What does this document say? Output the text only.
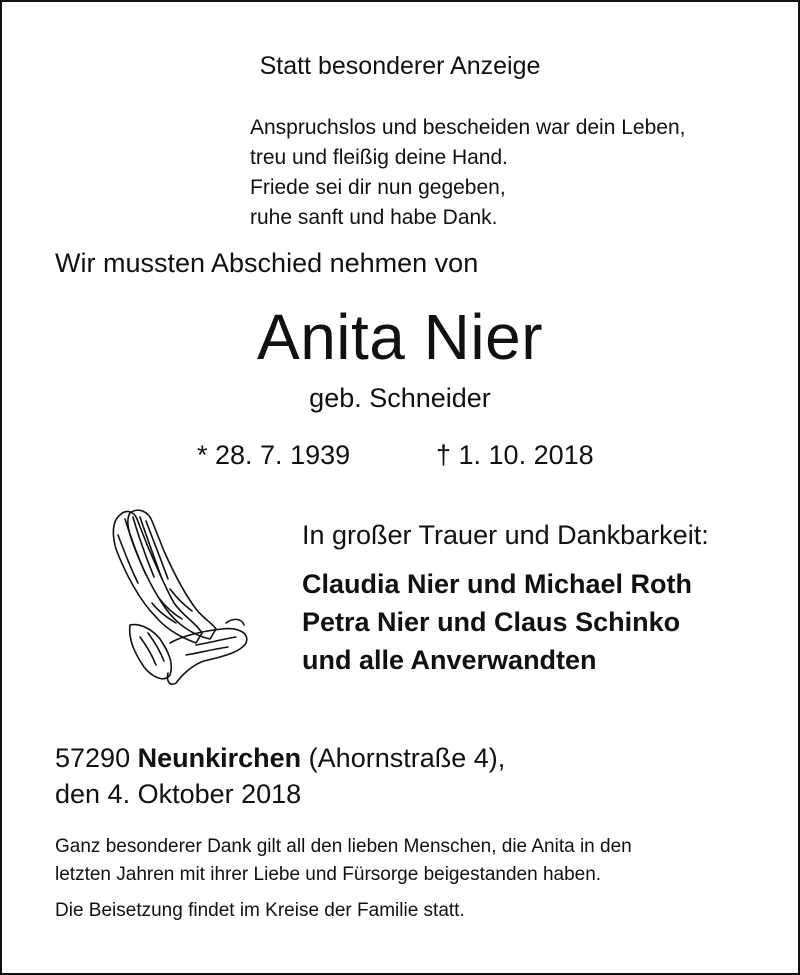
Statt besonderer Anzeige
Anspruchslos und bescheiden war dein Leben,
treu und fleißig deine Hand.
Friede sei dir nun gegeben,
ruhe sanft und habe Dank.
Wir mussten Abschied nehmen von
Anita Nier
geb. Schneider
* 28. 7. 1939	† 1. 10. 2018
In großer Trauer und Dankbarkeit:
Claudia Nier und Michael Roth
Petra Nier und Claus Schinko
und alle Anverwandten
57290 Neunkirchen (Ahornstraße 4),
den 4. Oktober 2018
Ganz besonderer Dank gilt all den lieben Menschen, die Anita in den
letzten Jahren mit ihrer Liebe und Fürsorge beigestanden haben.
Die Beisetzung findet im Kreise der Familie statt.
